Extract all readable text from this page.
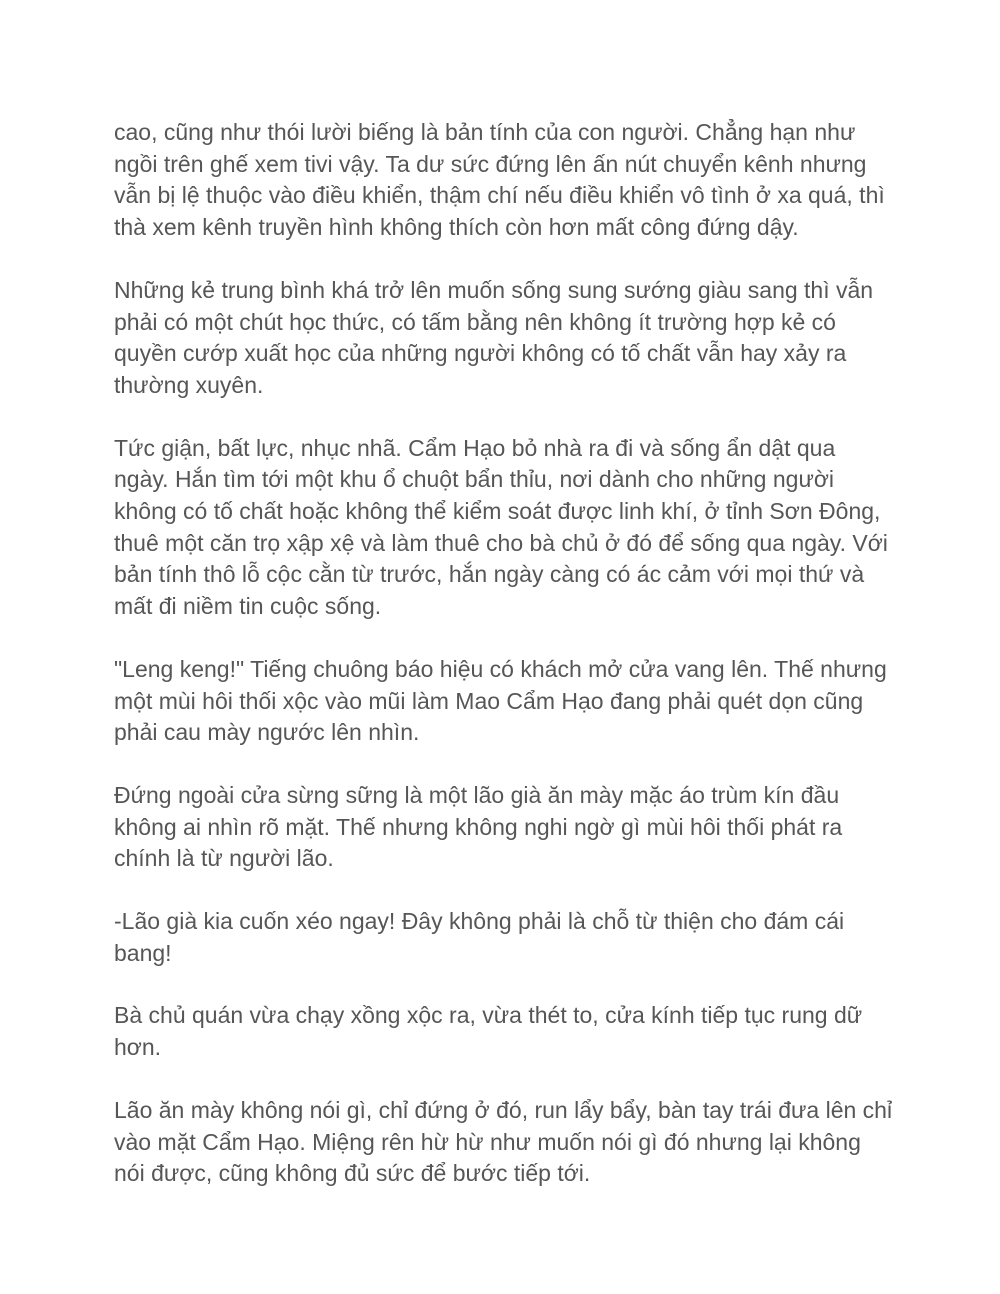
cao, cũng như thói lười biếng là bản tính của con người. Chẳng hạn như ngồi trên ghế xem tivi vậy. Ta dư sức đứng lên ấn nút chuyển kênh nhưng vẫn bị lệ thuộc vào điều khiển, thậm chí nếu điều khiển vô tình ở xa quá, thì thà xem kênh truyền hình không thích còn hơn mất công đứng dậy.

Những kẻ trung bình khá trở lên muốn sống sung sướng giàu sang thì vẫn phải có một chút học thức, có tấm bằng nên không ít trường hợp kẻ có quyền cướp xuất học của những người không có tố chất vẫn hay xảy ra thường xuyên.

Tức giận, bất lực, nhục nhã. Cẩm Hạo bỏ nhà ra đi và sống ẩn dật qua ngày. Hắn tìm tới một khu ổ chuột bẩn thỉu, nơi dành cho những người không có tố chất hoặc không thể kiểm soát được linh khí, ở tỉnh Sơn Đông, thuê một căn trọ xập xệ và làm thuê cho bà chủ ở đó để sống qua ngày. Với bản tính thô lỗ cộc cằn từ trước, hắn ngày càng có ác cảm với mọi thứ và mất đi niềm tin cuộc sống.

"Leng keng!" Tiếng chuông báo hiệu có khách mở cửa vang lên. Thế nhưng một mùi hôi thối xộc vào mũi làm Mao Cẩm Hạo đang phải quét dọn cũng phải cau mày ngước lên nhìn.

Đứng ngoài cửa sừng sững là một lão già ăn mày mặc áo trùm kín đầu không ai nhìn rõ mặt. Thế nhưng không nghi ngờ gì mùi hôi thối phát ra chính là từ người lão.

-Lão già kia cuốn xéo ngay! Đây không phải là chỗ từ thiện cho đám cái bang!

Bà chủ quán vừa chạy xồng xộc ra, vừa thét to, cửa kính tiếp tục rung dữ hơn.

Lão ăn mày không nói gì, chỉ đứng ở đó, run lẩy bẩy, bàn tay trái đưa lên chỉ vào mặt Cẩm Hạo. Miệng rên hừ hừ như muốn nói gì đó nhưng lại không nói được, cũng không đủ sức để bước tiếp tới.
